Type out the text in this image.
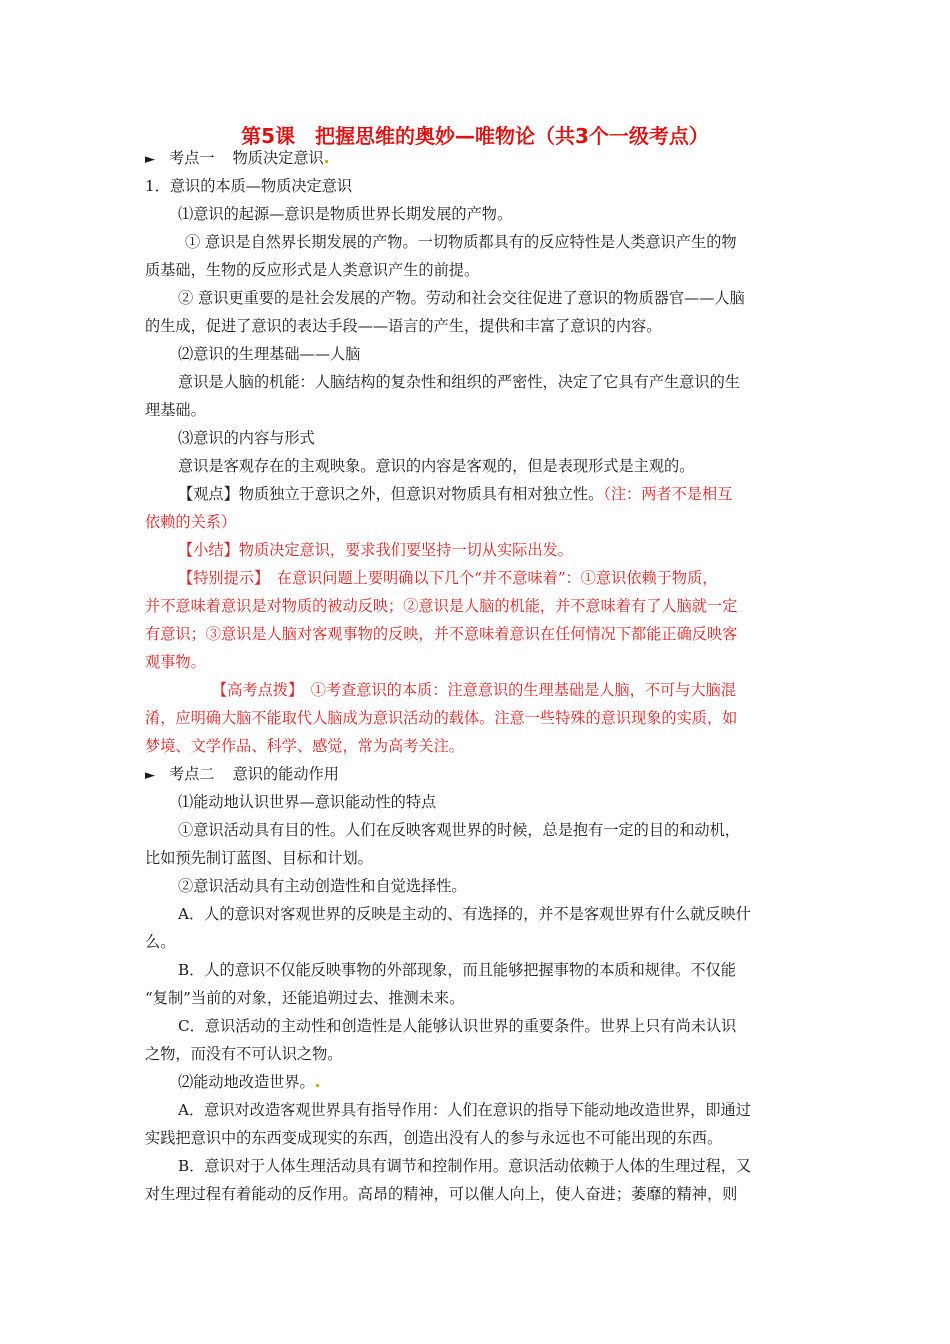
第5课　把握思维的奥妙—唯物论（共3个一级考点）
► 考点一 物质决定意识
1．意识的本质—物质决定意识
⑴意识的起源—意识是物质世界长期发展的产物。
① 意识是自然界长期发展的产物。一切物质都具有的反应特性是人类意识产生的物
质基础，生物的反应形式是人类意识产生的前提。
② 意识更重要的是社会发展的产物。劳动和社会交往促进了意识的物质器官——人脑
的生成，促进了意识的表达手段——语言的产生，提供和丰富了意识的内容。
⑵意识的生理基础——人脑
意识是人脑的机能：人脑结构的复杂性和组织的严密性，决定了它具有产生意识的生
理基础。
⑶意识的内容与形式
意识是客观存在的主观映象。意识的内容是客观的，但是表现形式是主观的。
【观点】物质独立于意识之外，但意识对物质具有相对独立性。（注：两者不是相互
依赖的关系）
【小结】物质决定意识，要求我们要坚持一切从实际出发。
【特别提示】　在意识问题上要明确以下几个“并不意味着”：①意识依赖于物质，
并不意味着意识是对物质的被动反映；②意识是人脑的机能，并不意味着有了人脑就一定
有意识；③意识是人脑对客观事物的反映，并不意味着意识在任何情况下都能正确反映客
观事物。
【高考点拨】　①考查意识的本质：注意意识的生理基础是人脑，不可与大脑混
淆，应明确大脑不能取代人脑成为意识活动的载体。注意一些特殊的意识现象的实质，如
梦境、文学作品、科学、感觉，常为高考关注。
► 考点二 意识的能动作用
⑴能动地认识世界—意识能动性的特点
①意识活动具有目的性。人们在反映客观世界的时候，总是抱有一定的目的和动机，
比如预先制订蓝图、目标和计划。
②意识活动具有主动创造性和自觉选择性。
A．人的意识对客观世界的反映是主动的、有选择的，并不是客观世界有什么就反映什
么。
B．人的意识不仅能反映事物的外部现象，而且能够把握事物的本质和规律。不仅能
“复制”当前的对象，还能追朔过去、推测未来。
C．意识活动的主动性和创造性是人能够认识世界的重要条件。世界上只有尚未认识
之物，而没有不可认识之物。
⑵能动地改造世界。
A．意识对改造客观世界具有指导作用：人们在意识的指导下能动地改造世界，即通过
实践把意识中的东西变成现实的东西，创造出没有人的参与永远也不可能出现的东西。
B．意识对于人体生理活动具有调节和控制作用。意识活动依赖于人体的生理过程，又
对生理过程有着能动的反作用。高昂的精神，可以催人向上，使人奋进；萎靡的精神，则
